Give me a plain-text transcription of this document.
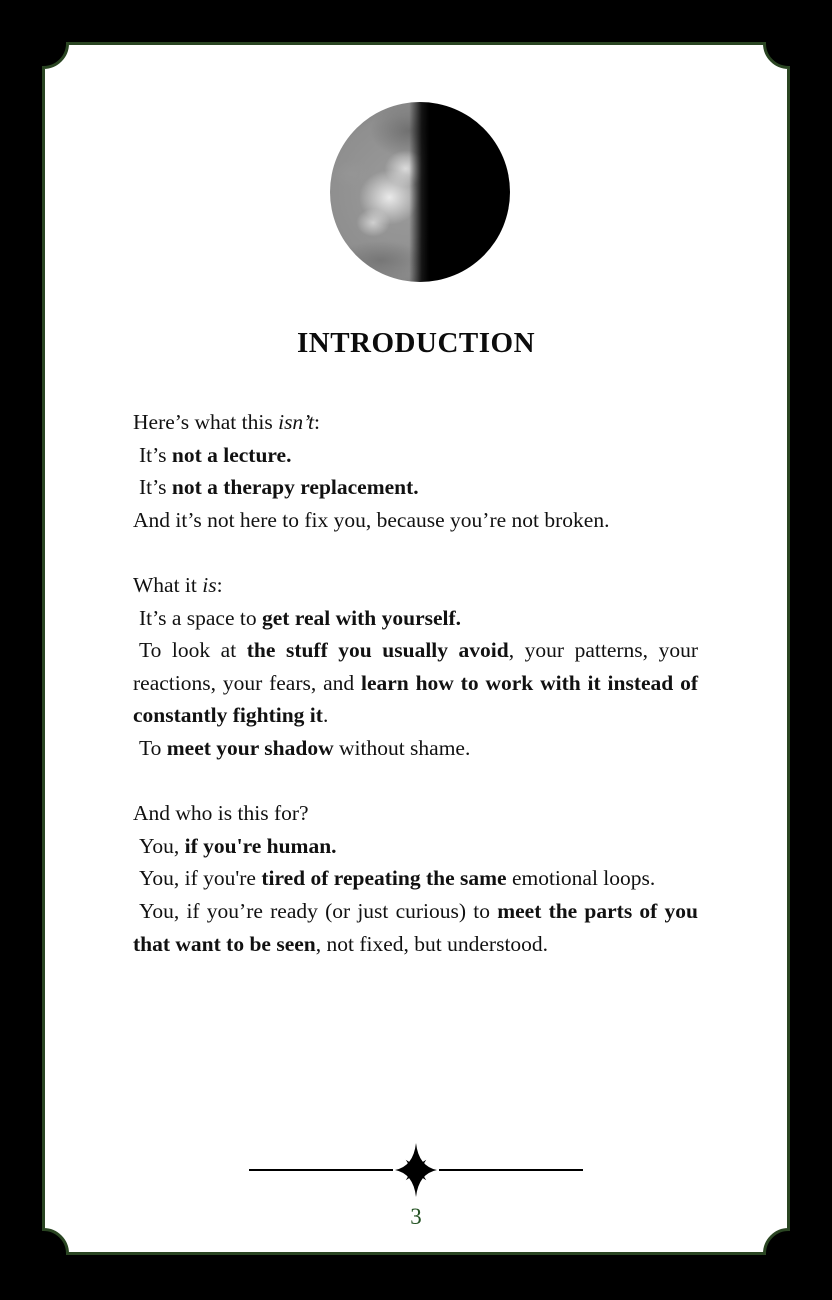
INTRODUCTION

Here’s what this isn’t:

It’s not a lecture.

It’s not a therapy replacement.

And it’s not here to fix you, because you’re not broken.

What it is:

It’s a space to get real with yourself.

To look at the stuff you usually avoid, your patterns, your reactions, your fears, and learn how to work with it instead of constantly fighting it.

To meet your shadow without shame.

And who is this for?

You, if you're human.

You, if you're tired of repeating the same emotional loops.

You, if you’re ready (or just curious) to meet the parts of you that want to be seen, not fixed, but understood.

3
